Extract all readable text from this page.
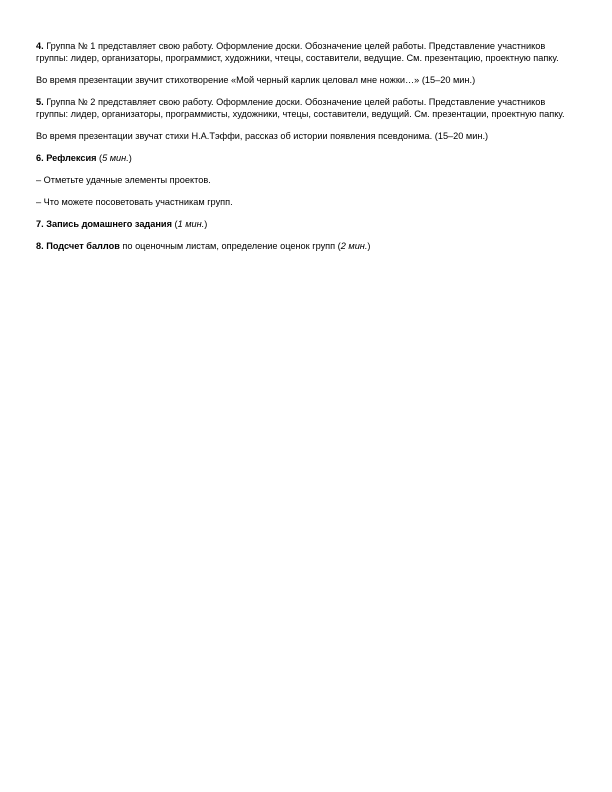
4. Группа № 1 представляет свою работу. Оформление доски. Обозначение целей работы. Представление участников группы: лидер, организаторы, программист, художники, чтецы, составители, ведущие. См. презентацию, проектную папку.

Во время презентации звучит стихотворение «Мой черный карлик целовал мне ножки…» (15–20 мин.)

5. Группа № 2 представляет свою работу. Оформление доски. Обозначение целей работы. Представление участников группы: лидер, организаторы, программисты, художники, чтецы, составители, ведущий. См. презентации, проектную папку.

Во время презентации звучат стихи Н.А.Тэффи, рассказ об истории появления псевдонима. (15–20 мин.)

6. Рефлексия (5 мин.)

– Отметьте удачные элементы проектов.

– Что можете посоветовать участникам групп.

7. Запись домашнего задания (1 мин.)

8. Подсчет баллов по оценочным листам, определение оценок групп (2 мин.)
